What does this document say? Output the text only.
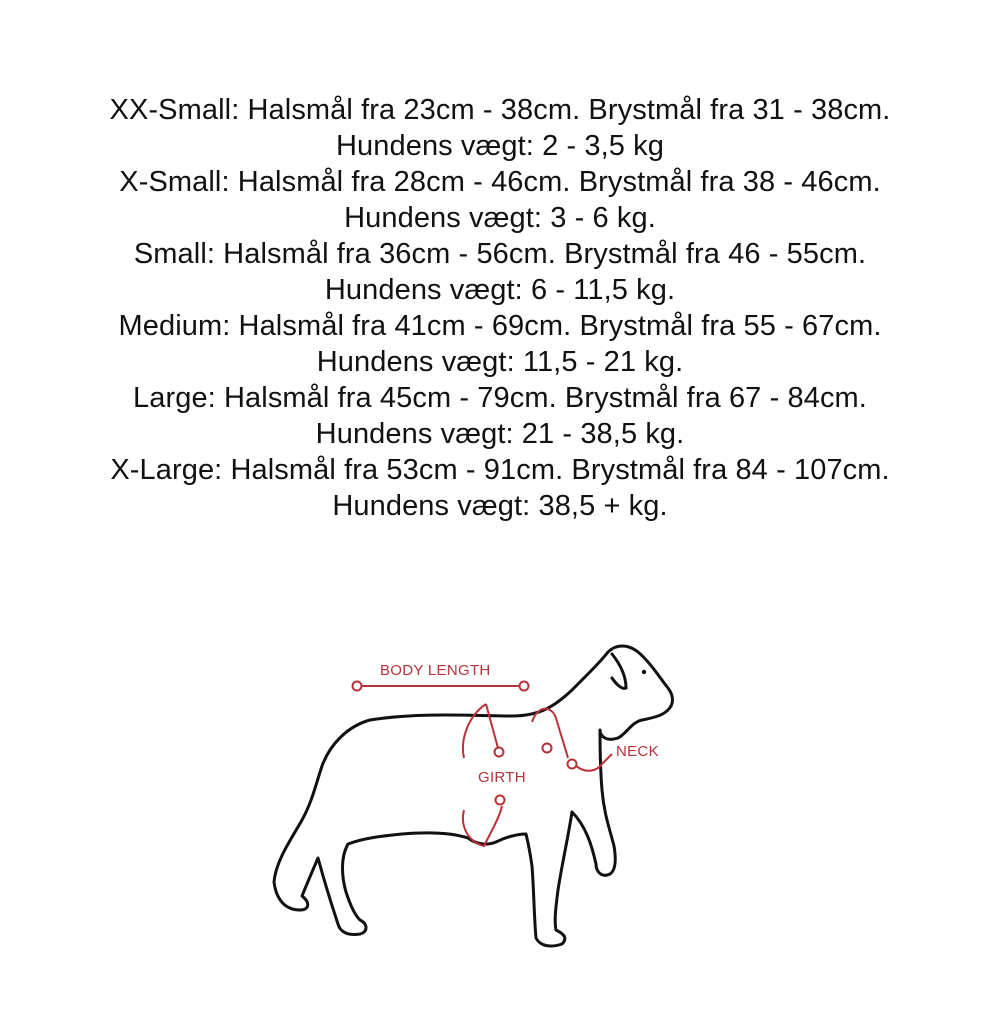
XX-Small: Halsmål fra 23cm - 38cm. Brystmål fra 31 - 38cm.
Hundens vægt: 2 - 3,5 kg
X-Small: Halsmål fra 28cm - 46cm. Brystmål fra 38 - 46cm.
Hundens vægt: 3 - 6 kg.
Small: Halsmål fra 36cm - 56cm. Brystmål fra 46 - 55cm.
Hundens vægt: 6 - 11,5 kg.
Medium: Halsmål fra 41cm - 69cm. Brystmål fra 55 - 67cm.
Hundens vægt: 11,5 - 21 kg.
Large: Halsmål fra 45cm - 79cm. Brystmål fra 67 - 84cm.
Hundens vægt: 21 - 38,5 kg.
X-Large: Halsmål fra 53cm - 91cm. Brystmål fra 84 - 107cm.
Hundens vægt: 38,5 + kg.
BODY LENGTH
GIRTH
NECK
